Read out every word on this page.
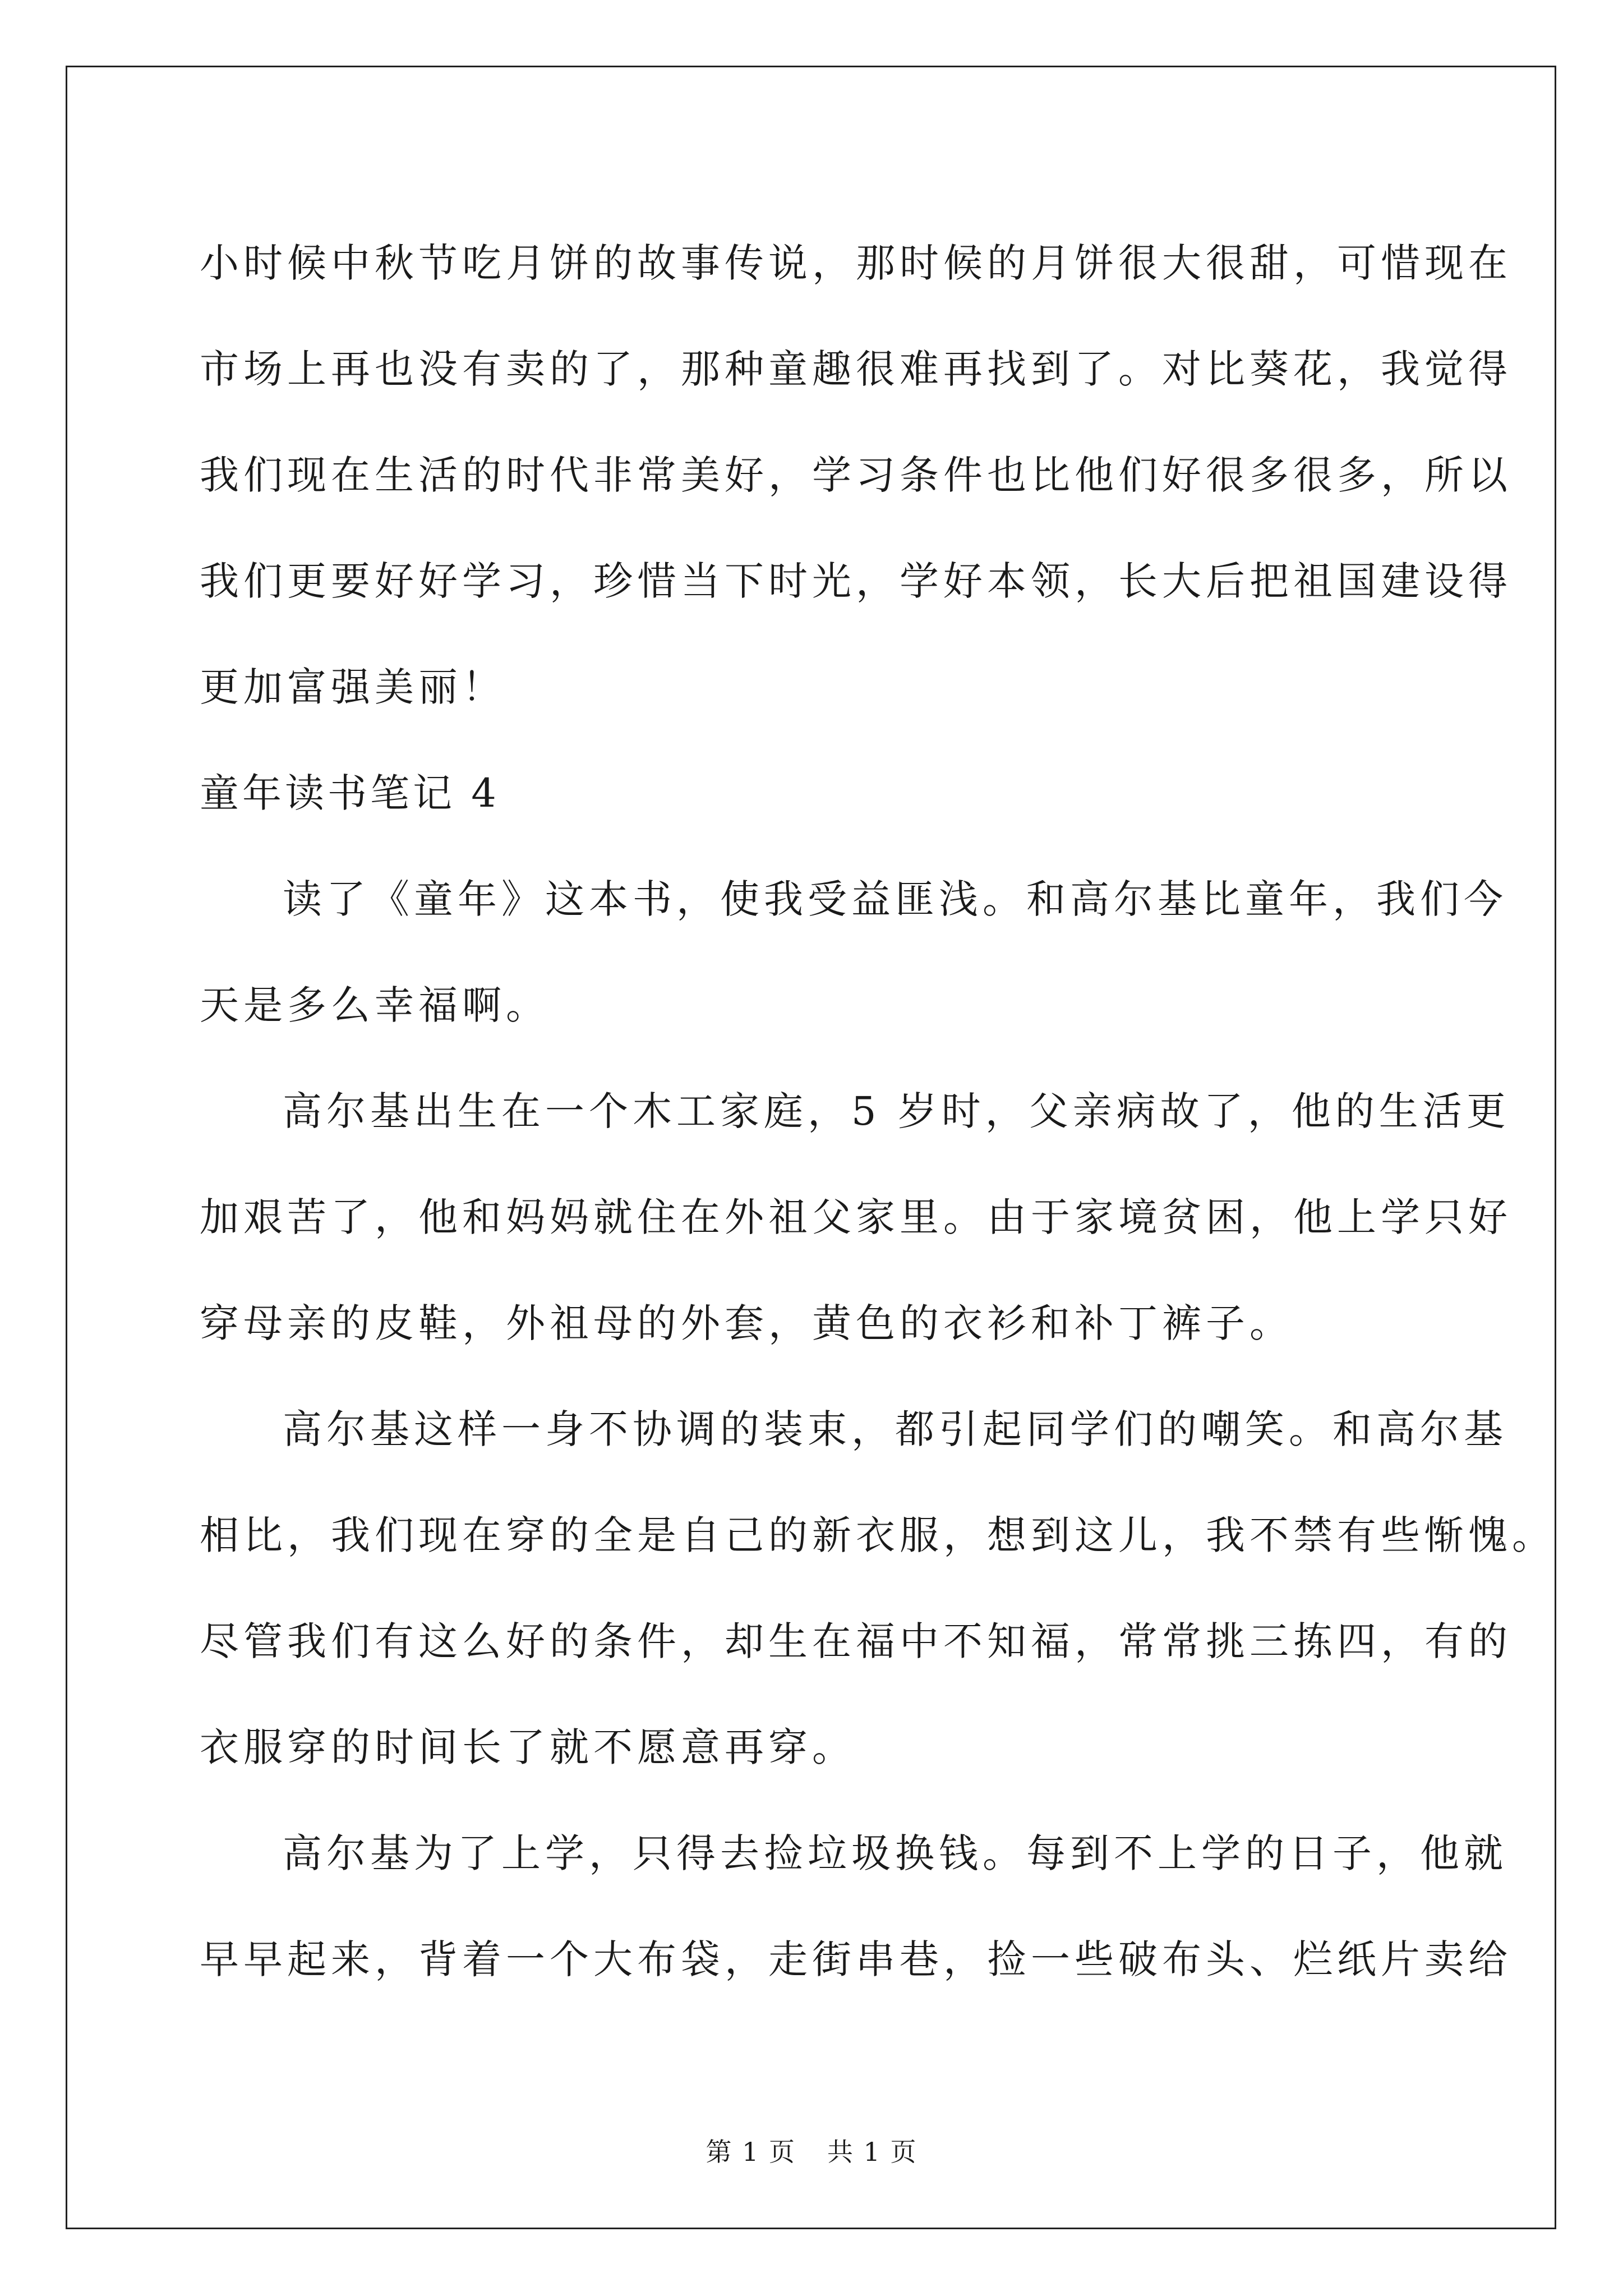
小时候中秋节吃月饼的故事传说，那时候的月饼很大很甜，可惜现在
市场上再也没有卖的了，那种童趣很难再找到了。对比葵花，我觉得
我们现在生活的时代非常美好，学习条件也比他们好很多很多，所以
我们更要好好学习，珍惜当下时光，学好本领，长大后把祖国建设得
更加富强美丽！
童年读书笔记 4
读了《童年》这本书，使我受益匪浅。和高尔基比童年，我们今
天是多么幸福啊。
高尔基出生在一个木工家庭，5 岁时，父亲病故了，他的生活更
加艰苦了，他和妈妈就住在外祖父家里。由于家境贫困，他上学只好
穿母亲的皮鞋，外祖母的外套，黄色的衣衫和补丁裤子。
高尔基这样一身不协调的装束，都引起同学们的嘲笑。和高尔基
相比，我们现在穿的全是自己的新衣服，想到这儿，我不禁有些惭愧。
尽管我们有这么好的条件，却生在福中不知福，常常挑三拣四，有的
衣服穿的时间长了就不愿意再穿。
高尔基为了上学，只得去捡垃圾换钱。每到不上学的日子，他就
早早起来，背着一个大布袋，走街串巷，捡一些破布头、烂纸片卖给
第 1 页 共 1 页
